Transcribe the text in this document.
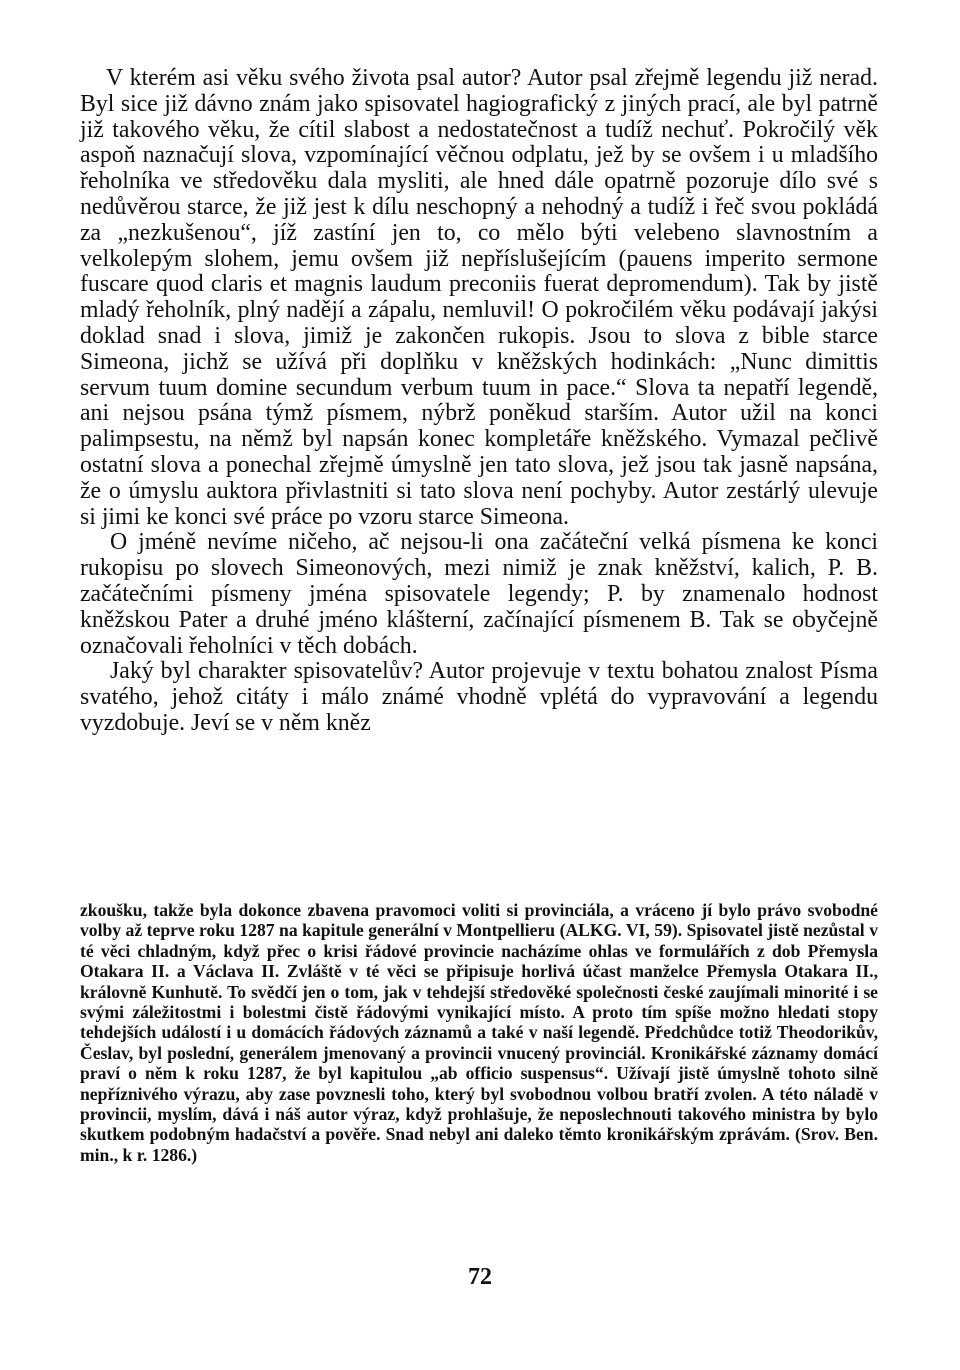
V kterém asi věku svého života psal autor? Autor psal zřejmě legendu již nerad. Byl sice již dávno znám jako spisovatel hagiografický z jiných prací, ale byl patrně již takového věku, že cítil slabost a nedostatečnost a tudíž nechuť. Pokročilý věk aspoň naznačují slova, vzpomínající věčnou odplatu, jež by se ovšem i u mladšího řeholníka ve středověku dala mysliti, ale hned dále opatrně pozoruje dílo své s nedůvěrou starce, že již jest k dílu neschopný a nehodný a tudíž i řeč svou pokládá za „nezkušenou“, jíž zastíní jen to, co mělo býti velebeno slavnostním a velkolepým slohem, jemu ovšem již nepříslušejícím (pauens imperito sermone fuscare quod claris et magnis laudum preconiis fuerat depromendum). Tak by jistě mladý řeholník, plný nadějí a zápalu, nemluvil! O pokročilém věku podávají jakýsi doklad snad i slova, jimiž je zakončen rukopis. Jsou to slova z bible starce Simeona, jichž se užívá při doplňku v kněžských hodinkách: „Nunc dimittis servum tuum domine secundum verbum tuum in pace.“ Slova ta nepatří legendě, ani nejsou psána týmž písmem, nýbrž poněkud starším. Autor užil na konci palimpsestu, na němž byl napsán konec kompletáře kněžského. Vymazal pečlivě ostatní slova a ponechal zřejmě úmyslně jen tato slova, jež jsou tak jasně napsána, že o úmyslu auktora přivlastniti si tato slova není pochyby. Autor zestárlý ulevuje si jimi ke konci své práce po vzoru starce Simeona.

O jméně nevíme ničeho, ač nejsou-li ona začáteční velká písmena ke konci rukopisu po slovech Simeonových, mezi nimiž je znak kněžství, kalich, P. B. začátečními písmeny jména spisovatele legendy; P. by znamenalo hodnost kněžskou Pater a druhé jméno klášterní, začínající písmenem B. Tak se obyčejně označovali řeholníci v těch dobách.

Jaký byl charakter spisovatelův? Autor projevuje v textu bohatou znalost Písma svatého, jehož citáty i málo známé vhodně vplétá do vypravování a legendu vyzdobuje. Jeví se v něm kněz

zkoušku, takže byla dokonce zbavena pravomoci voliti si provinciála, a vráceno jí bylo právo svobodné volby až teprve roku 1287 na kapitule generální v Montpellieru (ALKG. VI, 59). Spisovatel jistě nezůstal v té věci chladným, když přec o krisi řádové provincie nacházíme ohlas ve formulářích z dob Přemysla Otakara II. a Václava II. Zvláště v té věci se připisuje horlivá účast manželce Přemysla Otakara II., královně Kunhutě. To svědčí jen o tom, jak v tehdejší středověké společnosti české zaujímali minorité i se svými záležitostmi i bolestmi čistě řádovými vynikající místo. A proto tím spíše možno hledati stopy tehdejších událostí i u domácích řádových záznamů a také v naší legendě. Předchůdce totiž Theodorikův, Česlav, byl poslední, generálem jmenovaný a provincii vnucený provinciál. Kronikářské záznamy domácí praví o něm k roku 1287, že byl kapitulou „ab officio suspensus“. Užívají jistě úmyslně tohoto silně nepříznivého výrazu, aby zase povznesli toho, který byl svobodnou volbou bratří zvolen. A této náladě v provincii, myslím, dává i náš autor výraz, když prohlašuje, že neposlechnouti takového ministra by bylo skutkem podobným hadačství a pověře. Snad nebyl ani daleko těmto kronikářským zprávám. (Srov. Ben. min., k r. 1286.)

72
